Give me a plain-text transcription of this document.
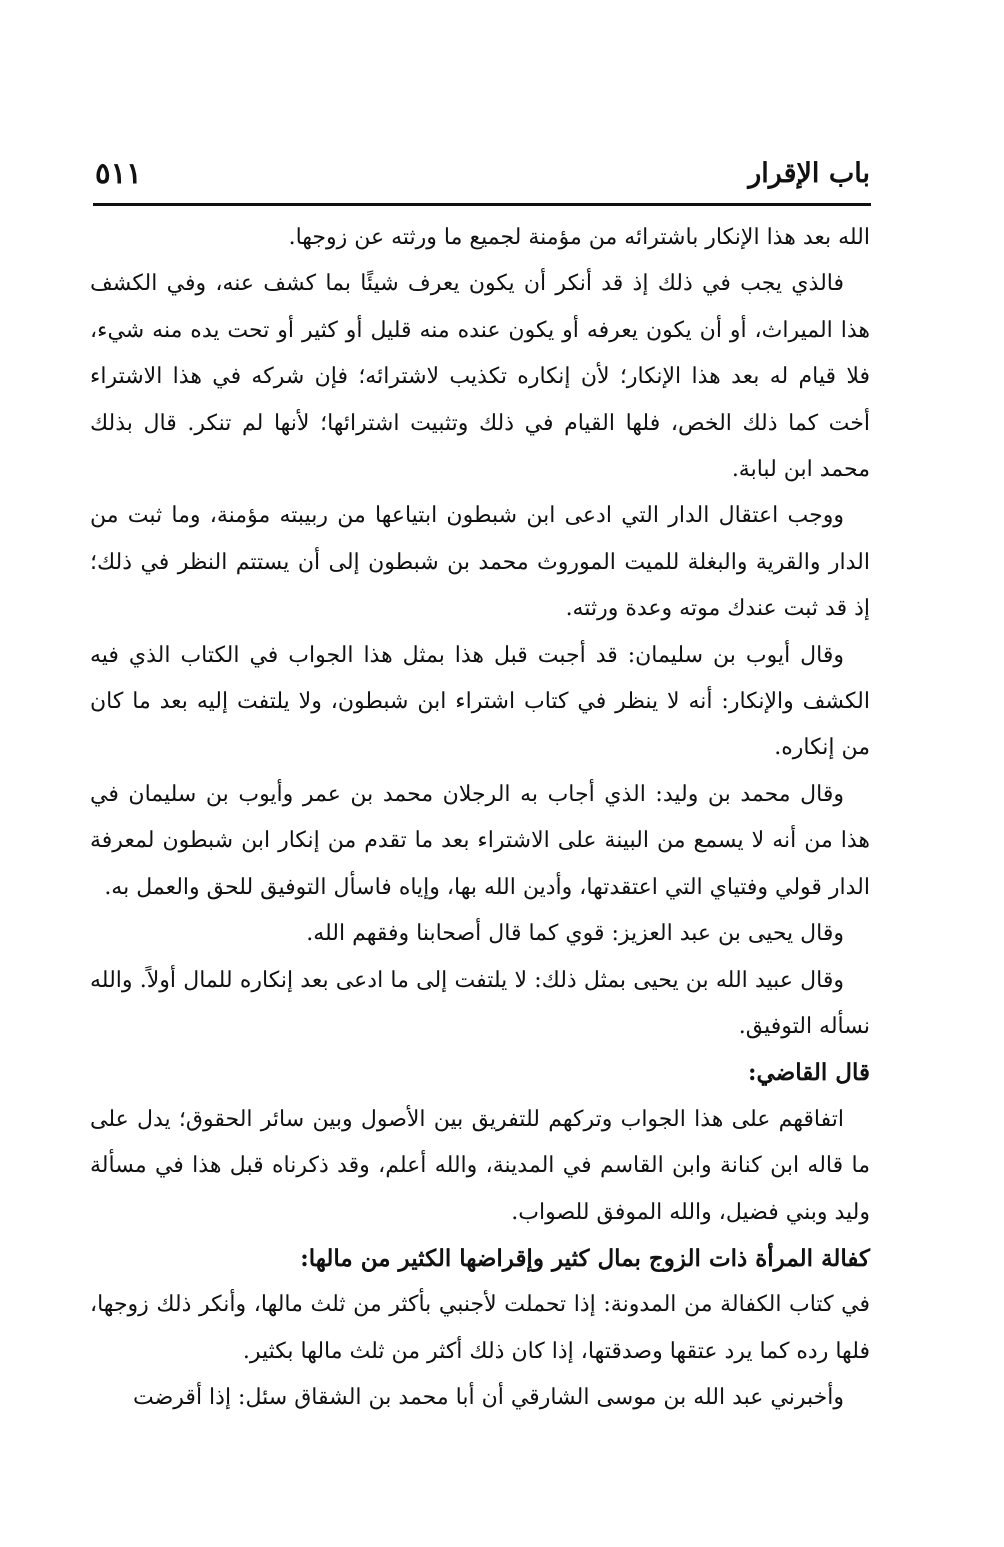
باب الإقرار
٥١١

الله بعد هذا الإنكار باشترائه من مؤمنة لجميع ما ورثته عن زوجها.

فالذي يجب في ذلك إذ قد أنكر أن يكون يعرف شيئًا بما كشف عنه، وفي الكشف هذا الميراث، أو أن يكون يعرفه أو يكون عنده منه قليل أو كثير أو تحت يده منه شيء، فلا قيام له بعد هذا الإنكار؛ لأن إنكاره تكذيب لاشترائه؛ فإن شركه في هذا الاشتراء أخت كما ذلك الخص، فلها القيام في ذلك وتثبيت اشترائها؛ لأنها لم تنكر. قال بذلك محمد ابن لبابة.

ووجب اعتقال الدار التي ادعى ابن شبطون ابتياعها من ربيبته مؤمنة، وما ثبت من الدار والقرية والبغلة للميت الموروث محمد بن شبطون إلى أن يستتم النظر في ذلك؛ إذ قد ثبت عندك موته وعدة ورثته.

وقال أيوب بن سليمان: قد أجبت قبل هذا بمثل هذا الجواب في الكتاب الذي فيه الكشف والإنكار: أنه لا ينظر في كتاب اشتراء ابن شبطون، ولا يلتفت إليه بعد ما كان من إنكاره.

وقال محمد بن وليد: الذي أجاب به الرجلان محمد بن عمر وأيوب بن سليمان في هذا من أنه لا يسمع من البينة على الاشتراء بعد ما تقدم من إنكار ابن شبطون لمعرفة الدار قولي وفتياي التي اعتقدتها، وأدين الله بها، وإياه فاسأل التوفيق للحق والعمل به.

وقال يحيى بن عبد العزيز: قوي كما قال أصحابنا وفقهم الله.

وقال عبيد الله بن يحيى بمثل ذلك: لا يلتفت إلى ما ادعى بعد إنكاره للمال أولاً. والله نسأله التوفيق.

قال القاضي:

اتفاقهم على هذا الجواب وتركهم للتفريق بين الأصول وبين سائر الحقوق؛ يدل على ما قاله ابن كنانة وابن القاسم في المدينة، والله أعلم، وقد ذكرناه قبل هذا في مسألة وليد وبني فضيل، والله الموفق للصواب.

كفالة المرأة ذات الزوج بمال كثير وإقراضها الكثير من مالها:

في كتاب الكفالة من المدونة: إذا تحملت لأجنبي بأكثر من ثلث مالها، وأنكر ذلك زوجها، فلها رده كما يرد عتقها وصدقتها، إذا كان ذلك أكثر من ثلث مالها بكثير.

وأخبرني عبد الله بن موسى الشارقي أن أبا محمد بن الشقاق سئل: إذا أقرضت
